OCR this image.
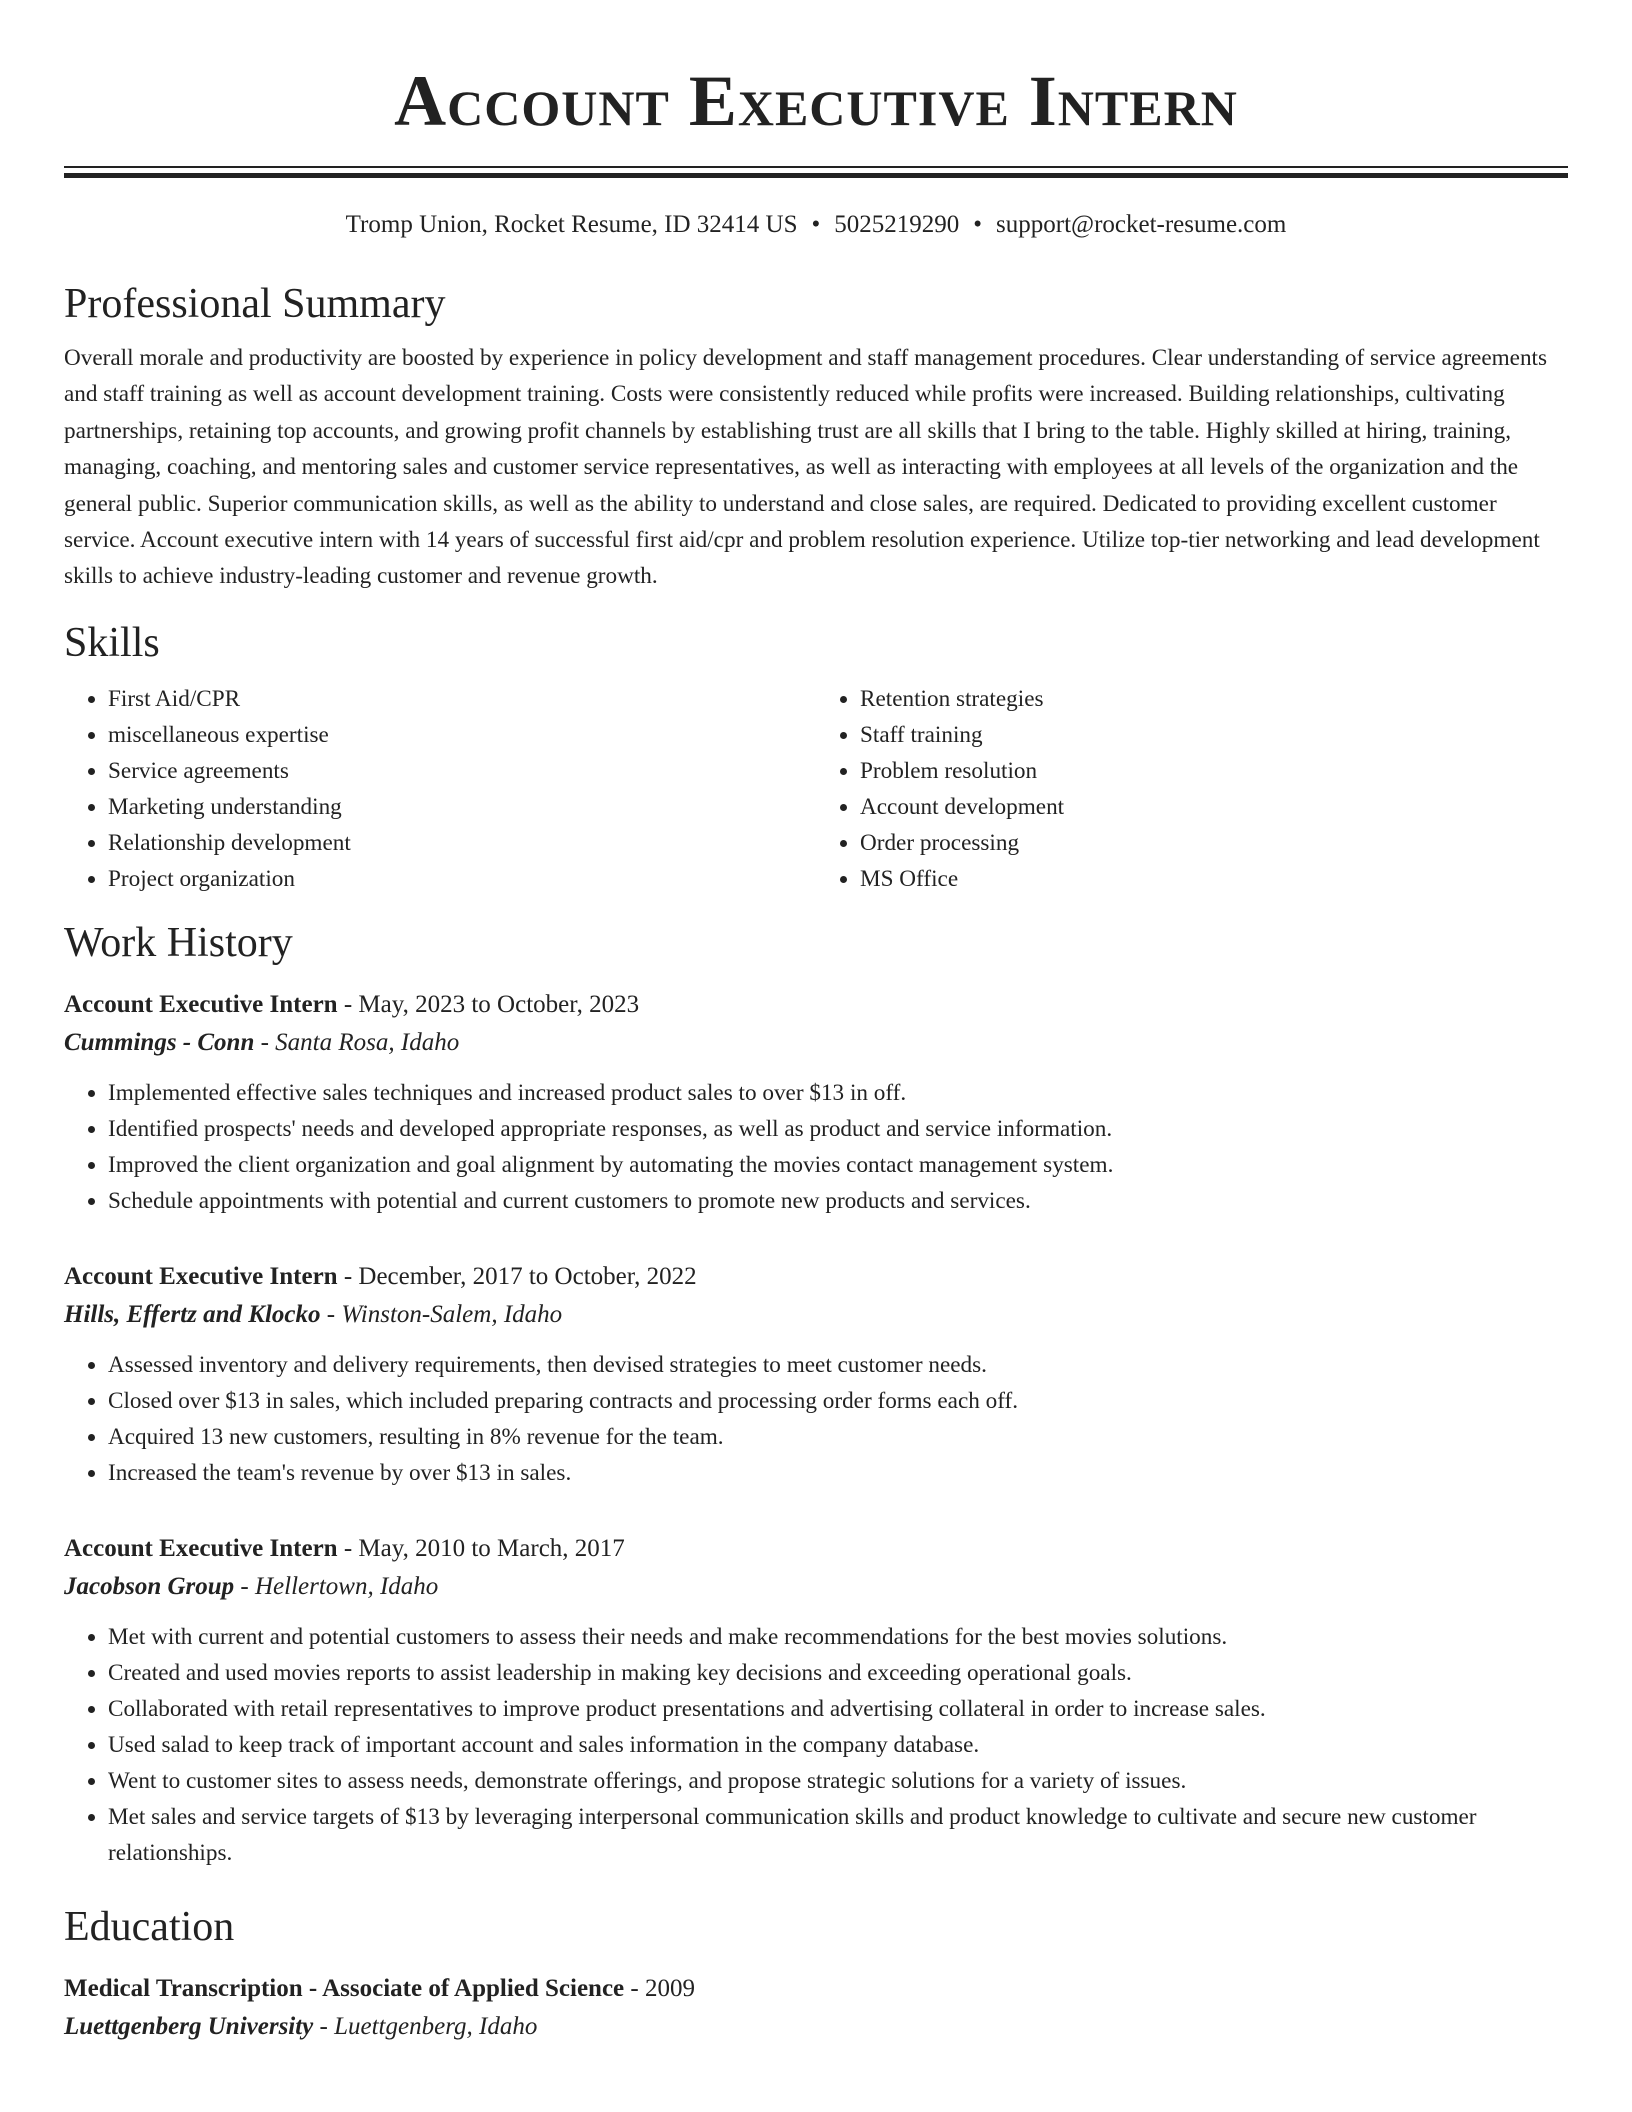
Account Executive Intern
Tromp Union, Rocket Resume, ID 32414 US • 5025219290 • support@rocket-resume.com
Professional Summary

Overall morale and productivity are boosted by experience in policy development and staff management procedures. Clear understanding of service agreements and staff training as well as account development training. Costs were consistently reduced while profits were increased. Building relationships, cultivating partnerships, retaining top accounts, and growing profit channels by establishing trust are all skills that I bring to the table. Highly skilled at hiring, training, managing, coaching, and mentoring sales and customer service representatives, as well as interacting with employees at all levels of the organization and the general public. Superior communication skills, as well as the ability to understand and close sales, are required. Dedicated to providing excellent customer service. Account executive intern with 14 years of successful first aid/cpr and problem resolution experience. Utilize top-tier networking and lead development skills to achieve industry-leading customer and revenue growth.

Skills
• First Aid/CPR
• miscellaneous expertise
• Service agreements
• Marketing understanding
• Relationship development
• Project organization
• Retention strategies
• Staff training
• Problem resolution
• Account development
• Order processing
• MS Office
Work History
Account Executive Intern - May, 2023 to October, 2023
Cummings - Conn - Santa Rosa, Idaho
• Implemented effective sales techniques and increased product sales to over $13 in off.
• Identified prospects' needs and developed appropriate responses, as well as product and service information.
• Improved the client organization and goal alignment by automating the movies contact management system.
• Schedule appointments with potential and current customers to promote new products and services.
Account Executive Intern - December, 2017 to October, 2022
Hills, Effertz and Klocko - Winston-Salem, Idaho
• Assessed inventory and delivery requirements, then devised strategies to meet customer needs.
• Closed over $13 in sales, which included preparing contracts and processing order forms each off.
• Acquired 13 new customers, resulting in 8% revenue for the team.
• Increased the team's revenue by over $13 in sales.
Account Executive Intern - May, 2010 to March, 2017
Jacobson Group - Hellertown, Idaho
• Met with current and potential customers to assess their needs and make recommendations for the best movies solutions.
• Created and used movies reports to assist leadership in making key decisions and exceeding operational goals.
• Collaborated with retail representatives to improve product presentations and advertising collateral in order to increase sales.
• Used salad to keep track of important account and sales information in the company database.
• Went to customer sites to assess needs, demonstrate offerings, and propose strategic solutions for a variety of issues.
• Met sales and service targets of $13 by leveraging interpersonal communication skills and product knowledge to cultivate and secure new customer relationships.
Education
Medical Transcription - Associate of Applied Science - 2009
Luettgenberg University - Luettgenberg, Idaho
